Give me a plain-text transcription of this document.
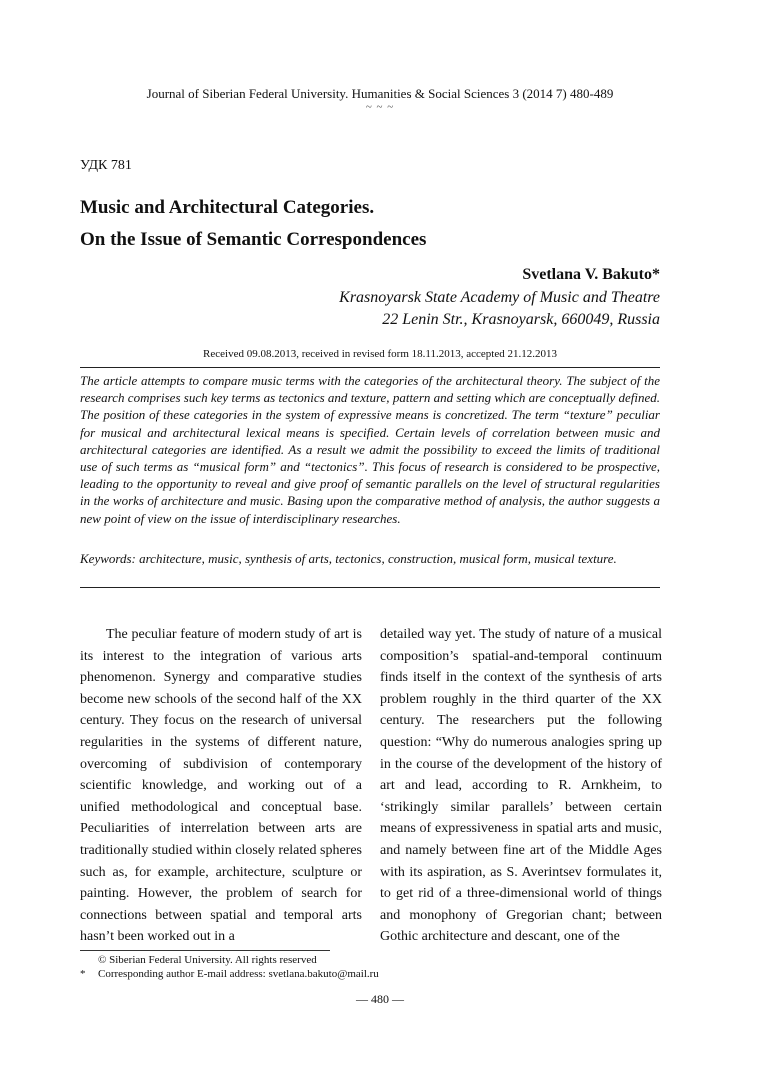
Journal of Siberian Federal University. Humanities & Social Sciences 3 (2014 7) 480-489
~ ~ ~
УДК 781
Music and Architectural Categories.
On the Issue of Semantic Correspondences
Svetlana V. Bakuto*
Krasnoyarsk State Academy of Music and Theatre
22 Lenin Str., Krasnoyarsk, 660049, Russia
Received 09.08.2013, received in revised form 18.11.2013, accepted 21.12.2013
The article attempts to compare music terms with the categories of the architectural theory. The subject of the research comprises such key terms as tectonics and texture, pattern and setting which are conceptually defined. The position of these categories in the system of expressive means is concretized. The term “texture” peculiar for musical and architectural lexical means is specified. Certain levels of correlation between music and architectural categories are identified. As a result we admit the possibility to exceed the limits of traditional use of such terms as “musical form” and “tectonics”. This focus of research is considered to be prospective, leading to the opportunity to reveal and give proof of semantic parallels on the level of structural regularities in the works of architecture and music. Basing upon the comparative method of analysis, the author suggests a new point of view on the issue of interdisciplinary researches.
Keywords: architecture, music, synthesis of arts, tectonics, construction, musical form, musical texture.

The peculiar feature of modern study of art is its interest to the integration of various arts phenomenon. Synergy and comparative studies become new schools of the second half of the XX century. They focus on the research of universal regularities in the systems of different nature, overcoming of subdivision of contemporary scientific knowledge, and working out of a unified methodological and conceptual base. Peculiarities of interrelation between arts are traditionally studied within closely related spheres such as, for example, architecture, sculpture or painting. However, the problem of search for connections between spatial and temporal arts hasn’t been worked out in a

detailed way yet. The study of nature of a musical composition’s spatial-and-temporal continuum finds itself in the context of the synthesis of arts problem roughly in the third quarter of the XX century. The researchers put the following question: “Why do numerous analogies spring up in the course of the development of the history of art and lead, according to R. Arnkheim, to ‘strikingly similar parallels’ between certain means of expressiveness in spatial arts and music, and namely between fine art of the Middle Ages with its aspiration, as S. Averintsev formulates it, to get rid of a three-dimensional world of things and monophony of Gregorian chant; between Gothic architecture and descant, one of the

© Siberian Federal University. All rights reserved
* Corresponding author E-mail address: svetlana.bakuto@mail.ru
— 480 —
